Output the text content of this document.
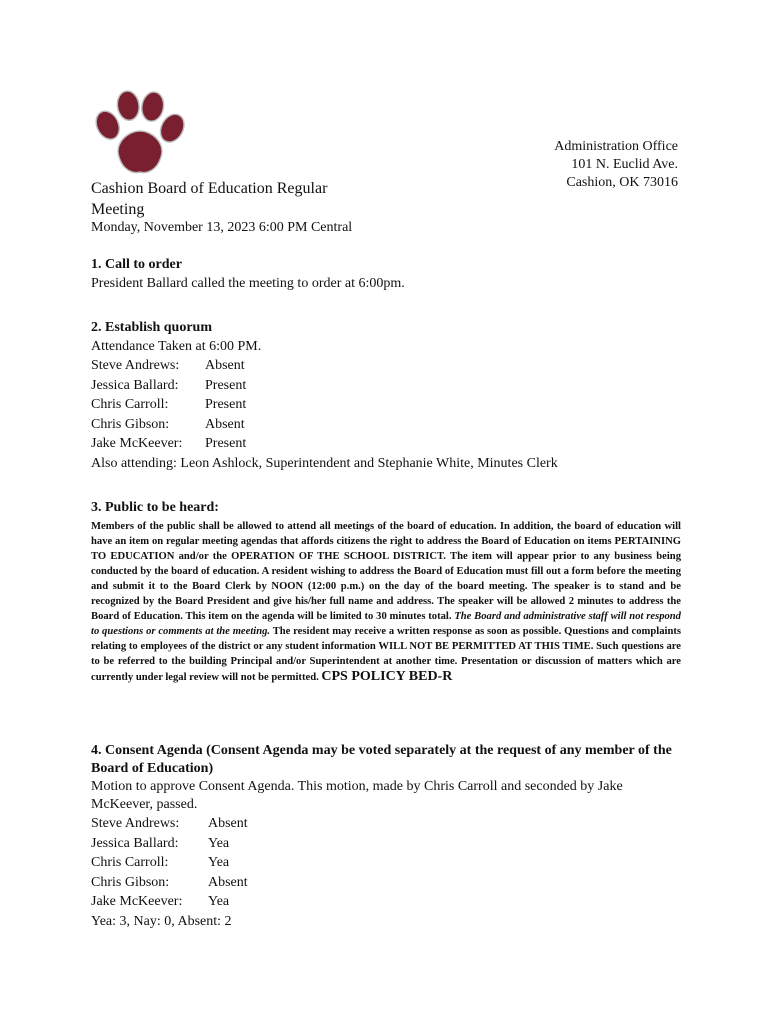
Administration Office
101 N. Euclid Ave.
Cashion, OK 73016
Cashion Board of Education Regular Meeting
Monday, November 13, 2023 6:00 PM Central
1. Call to order
President Ballard called the meeting to order at 6:00pm.
2. Establish quorum
Attendance Taken at 6:00 PM.
Steve Andrews:	Absent
Jessica Ballard:	Present
Chris Carroll:	Present
Chris Gibson:	Absent
Jake McKeever:	Present
Also attending: Leon Ashlock, Superintendent and Stephanie White, Minutes Clerk
3. Public to be heard:
Members of the public shall be allowed to attend all meetings of the board of education. In addition, the board of education will have an item on regular meeting agendas that affords citizens the right to address the Board of Education on items PERTAINING TO EDUCATION and/or the OPERATION OF THE SCHOOL DISTRICT. The item will appear prior to any business being conducted by the board of education. A resident wishing to address the Board of Education must fill out a form before the meeting and submit it to the Board Clerk by NOON (12:00 p.m.) on the day of the board meeting. The speaker is to stand and be recognized by the Board President and give his/her full name and address. The speaker will be allowed 2 minutes to address the Board of Education. This item on the agenda will be limited to 30 minutes total. The Board and administrative staff will not respond to questions or comments at the meeting. The resident may receive a written response as soon as possible. Questions and complaints relating to employees of the district or any student information WILL NOT BE PERMITTED AT THIS TIME. Such questions are to be referred to the building Principal and/or Superintendent at another time. Presentation or discussion of matters which are currently under legal review will not be permitted. CPS POLICY BED-R
4. Consent Agenda (Consent Agenda may be voted separately at the request of any member of the Board of Education)
Motion to approve Consent Agenda. This motion, made by Chris Carroll and seconded by Jake McKeever, passed.
Steve Andrews:	Absent
Jessica Ballard:	Yea
Chris Carroll:	Yea
Chris Gibson:	Absent
Jake McKeever:	Yea
Yea: 3, Nay: 0, Absent: 2
